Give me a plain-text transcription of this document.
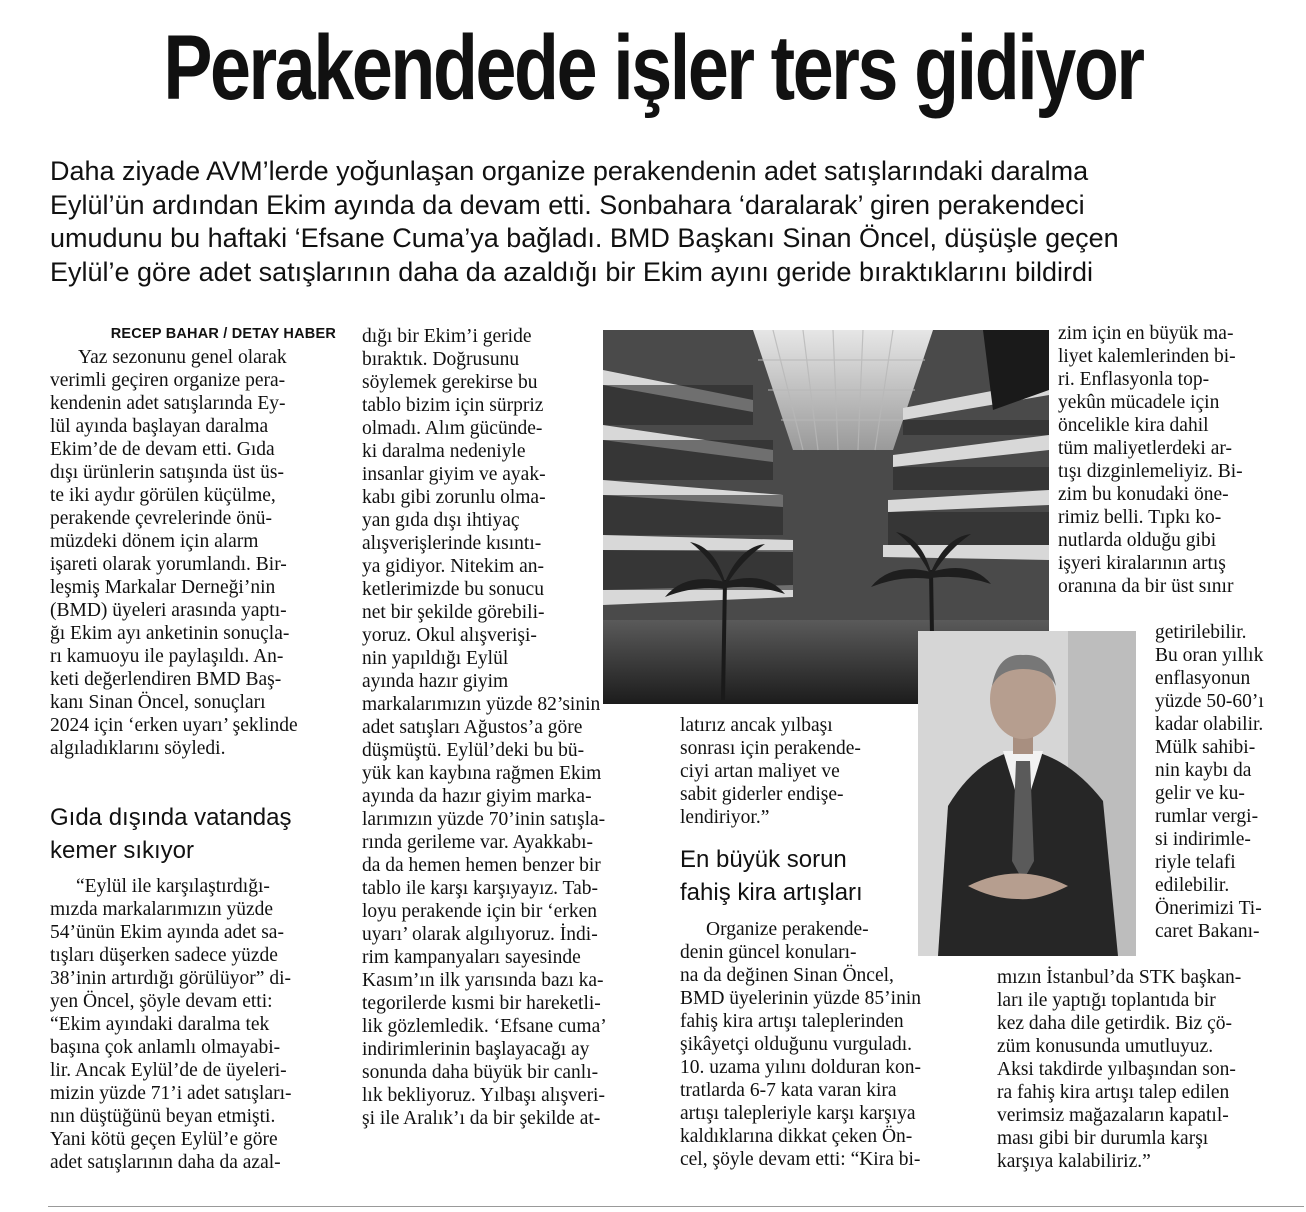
Perakendede işler ters gidiyor
Daha ziyade AVM’lerde yoğunlaşan organize perakendenin adet satışlarındaki daralma
Eylül’ün ardından Ekim ayında da devam etti. Sonbahara ‘daralarak’ giren perakendeci
umudunu bu haftaki ‘Efsane Cuma’ya bağladı. BMD Başkanı Sinan Öncel, düşüşle geçen
Eylül’e göre adet satışlarının daha da azaldığı bir Ekim ayını geride bıraktıklarını bildirdi
RECEP BAHAR / DETAY HABER
Yaz sezonunu genel olarak
verimli geçiren organize pera-
kendenin adet satışlarında Ey-
lül ayında başlayan daralma
Ekim’de de devam etti. Gıda
dışı ürünlerin satışında üst üs-
te iki aydır görülen küçülme,
perakende çevrelerinde önü-
müzdeki dönem için alarm
işareti olarak yorumlandı. Bir-
leşmiş Markalar Derneği’nin
(BMD) üyeleri arasında yaptı-
ğı Ekim ayı anketinin sonuçla-
rı kamuoyu ile paylaşıldı. An-
keti değerlendiren BMD Baş-
kanı Sinan Öncel, sonuçları
2024 için ‘erken uyarı’ şeklinde
algıladıklarını söyledi.
Gıda dışında vatandaş
kemer sıkıyor
“Eylül ile karşılaştırdığı-
mızda markalarımızın yüzde
54’ünün Ekim ayında adet sa-
tışları düşerken sadece yüzde
38’inin artırdığı görülüyor” di-
yen Öncel, şöyle devam etti:
“Ekim ayındaki daralma tek
başına çok anlamlı olmayabi-
lir. Ancak Eylül’de de üyeleri-
mizin yüzde 71’i adet satışları-
nın düştüğünü beyan etmişti.
Yani kötü geçen Eylül’e göre
adet satışlarının daha da azal-
dığı bir Ekim’i geride
bıraktık. Doğrusunu
söylemek gerekirse bu
tablo bizim için sürpriz
olmadı. Alım gücünde-
ki daralma nedeniyle
insanlar giyim ve ayak-
kabı gibi zorunlu olma-
yan gıda dışı ihtiyaç
alışverişlerinde kısıntı-
ya gidiyor. Nitekim an-
ketlerimizde bu sonucu
net bir şekilde görebili-
yoruz. Okul alışverişi-
nin yapıldığı Eylül
ayında hazır giyim
markalarımızın yüzde 82’sinin
adet satışları Ağustos’a göre
düşmüştü. Eylül’deki bu bü-
yük kan kaybına rağmen Ekim
ayında da hazır giyim marka-
larımızın yüzde 70’inin satışla-
rında gerileme var. Ayakkabı-
da da hemen hemen benzer bir
tablo ile karşı karşıyayız. Tab-
loyu perakende için bir ‘erken
uyarı’ olarak algılıyoruz. İndi-
rim kampanyaları sayesinde
Kasım’ın ilk yarısında bazı ka-
tegorilerde kısmi bir hareketli-
lik gözlemledik. ‘Efsane cuma’
indirimlerinin başlayacağı ay
sonunda daha büyük bir canlı-
lık bekliyoruz. Yılbaşı alışveri-
şi ile Aralık’ı da bir şekilde at-
latırız ancak yılbaşı
sonrası için perakende-
ciyi artan maliyet ve
sabit giderler endişe-
lendiriyor.”
En büyük sorun
fahiş kira artışları
Organize perakende-
denin güncel konuları-
na da değinen Sinan Öncel,
BMD üyelerinin yüzde 85’inin
fahiş kira artışı taleplerinden
şikâyetçi olduğunu vurguladı.
10. uzama yılını dolduran kon-
tratlarda 6-7 kata varan kira
artışı talepleriyle karşı karşıya
kaldıklarına dikkat çeken Ön-
cel, şöyle devam etti: “Kira bi-
zim için en büyük ma-
liyet kalemlerinden bi-
ri. Enflasyonla top-
yekûn mücadele için
öncelikle kira dahil
tüm maliyetlerdeki ar-
tışı dizginlemeliyiz. Bi-
zim bu konudaki öne-
rimiz belli. Tıpkı ko-
nutlarda olduğu gibi
işyeri kiralarının artış
oranına da bir üst sınır
getirilebilir.
Bu oran yıllık
enflasyonun
yüzde 50-60’ı
kadar olabilir.
Mülk sahibi-
nin kaybı da
gelir ve ku-
rumlar vergi-
si indirimle-
riyle telafi
edilebilir.
Önerimizi Ti-
caret Bakanı-
mızın İstanbul’da STK başkan-
ları ile yaptığı toplantıda bir
kez daha dile getirdik. Biz çö-
züm konusunda umutluyuz.
Aksi takdirde yılbaşından son-
ra fahiş kira artışı talep edilen
verimsiz mağazaların kapatıl-
ması gibi bir durumla karşı
karşıya kalabiliriz.”
